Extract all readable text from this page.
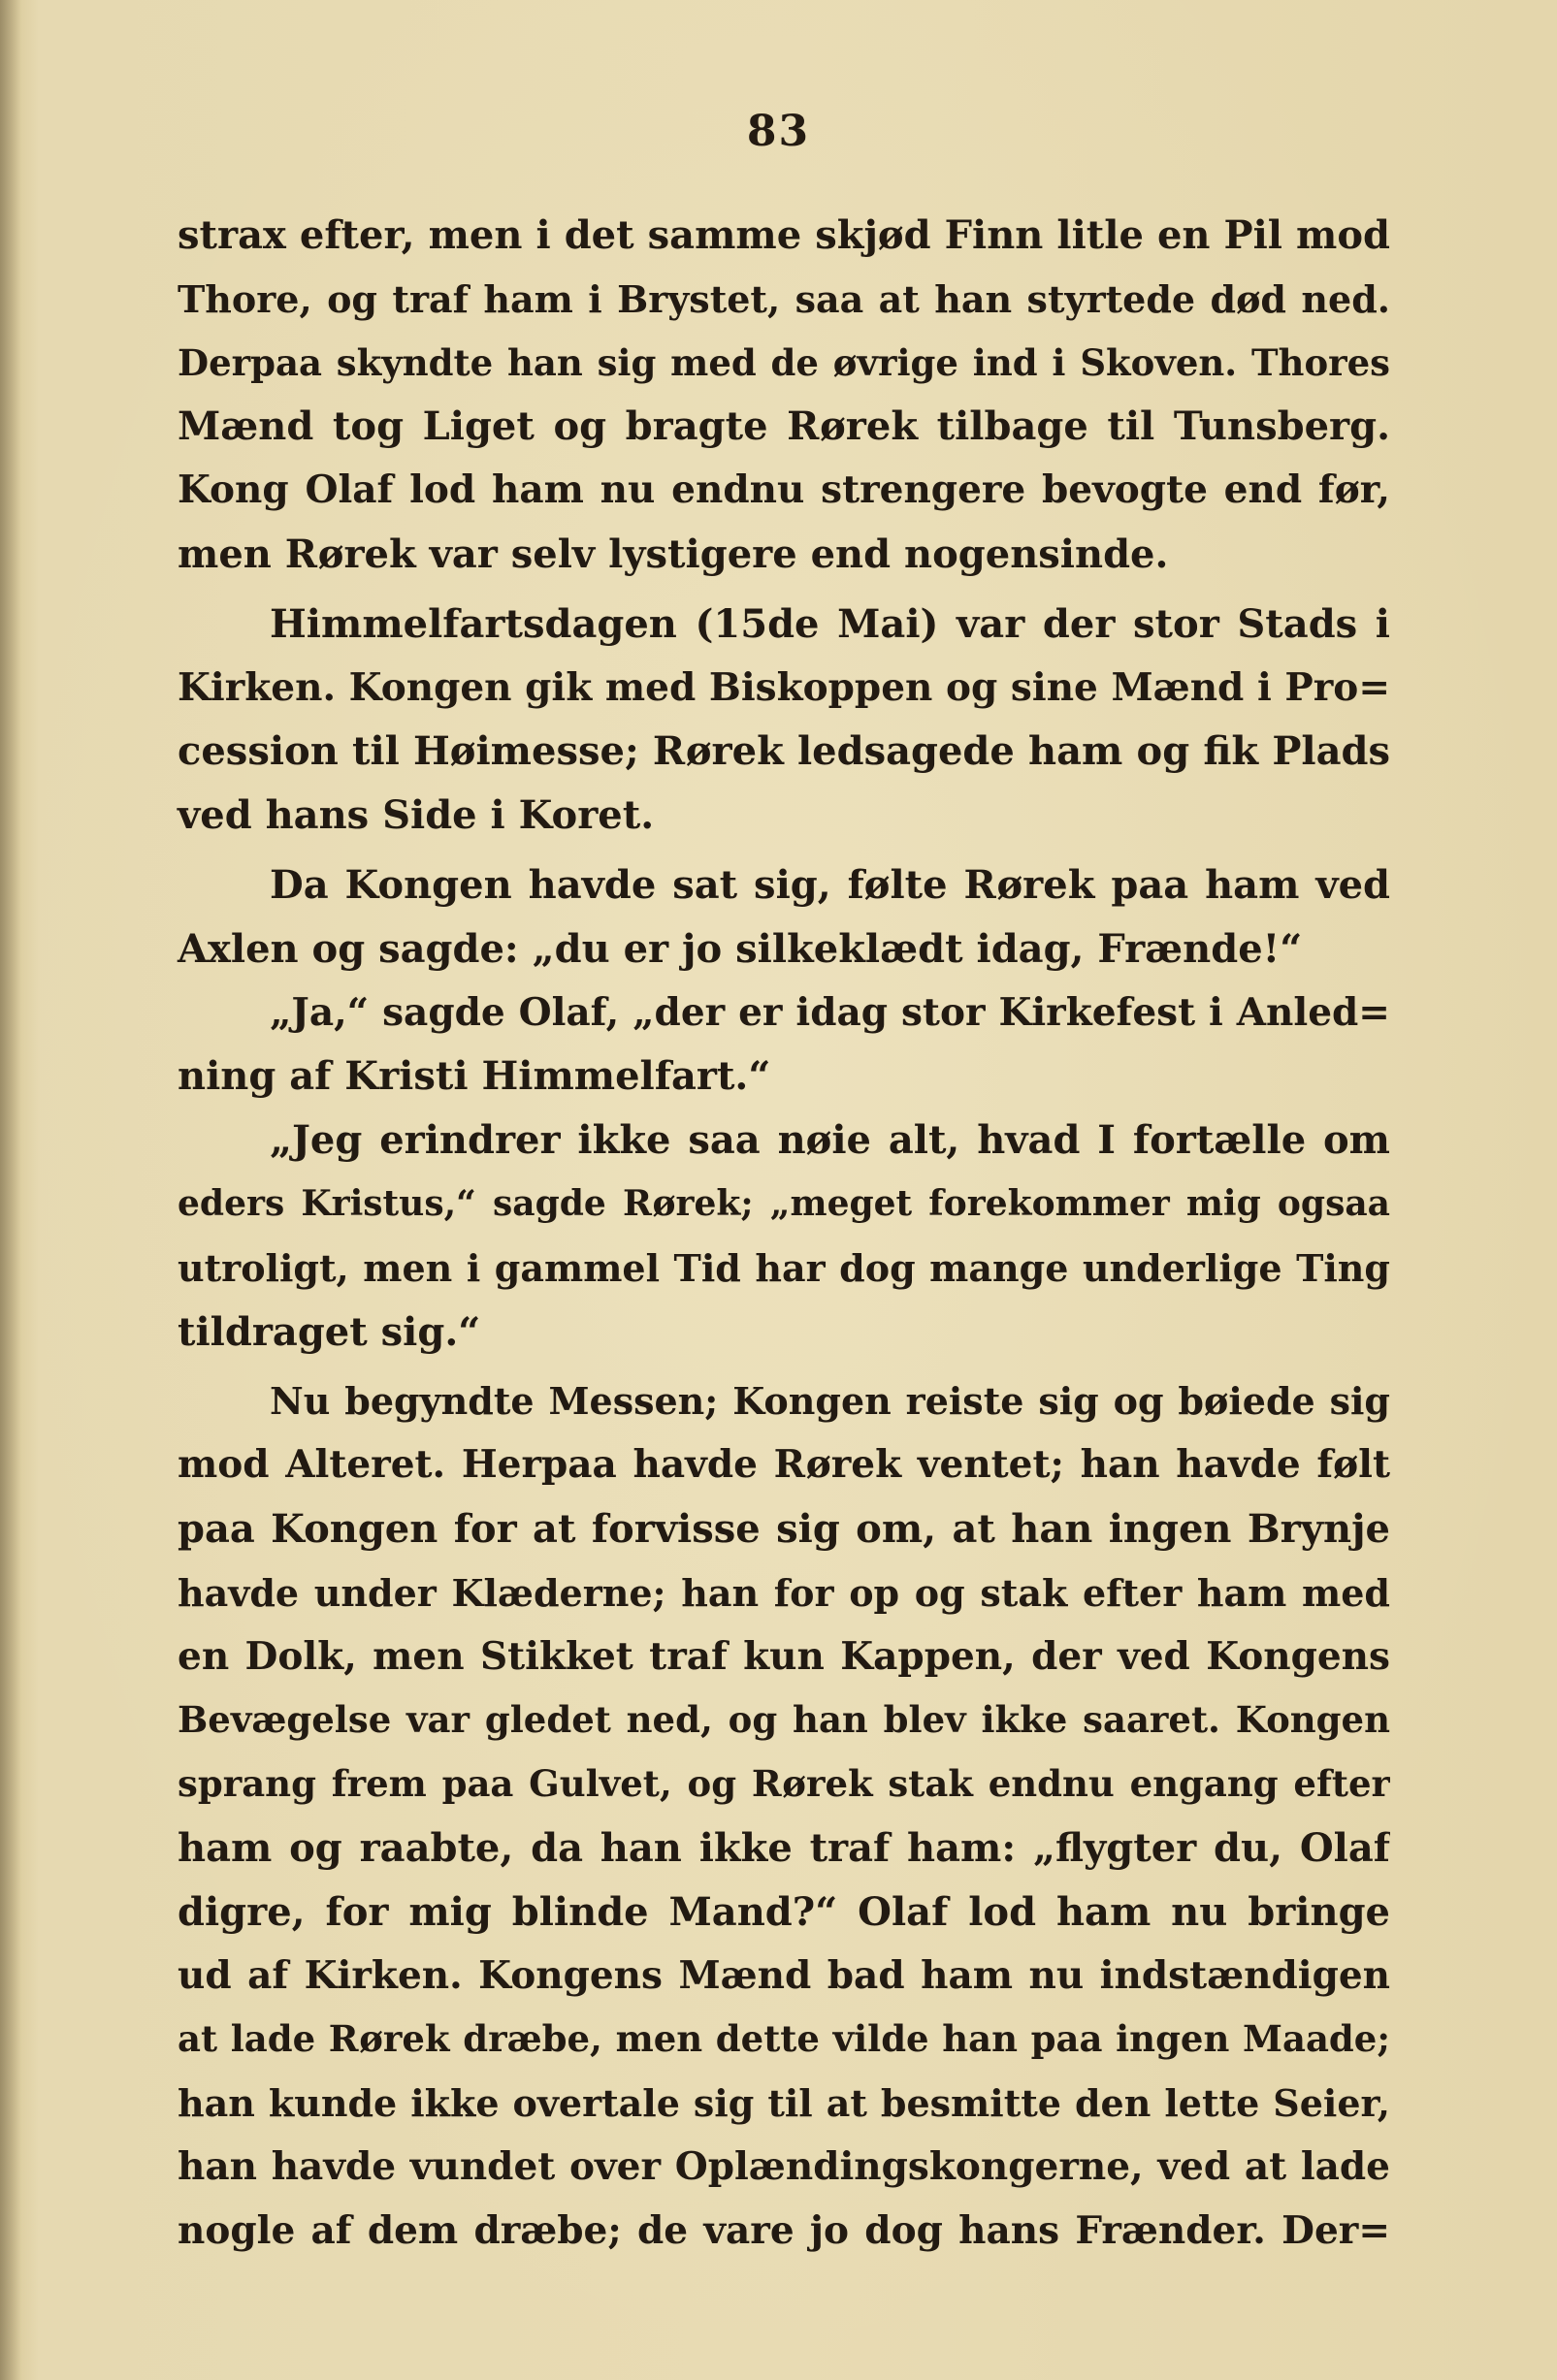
83
strax efter, men i det samme skjød Finn litle en Pil mod
Thore, og traf ham i Brystet, saa at han styrtede død ned.
Derpaa skyndte han sig med de øvrige ind i Skoven. Thores
Mænd tog Liget og bragte Rørek tilbage til Tunsberg.
Kong Olaf lod ham nu endnu strengere bevogte end før,
men Rørek var selv lystigere end nogensinde.
Himmelfartsdagen (15de Mai) var der stor Stads i
Kirken. Kongen gik med Biskoppen og sine Mænd i Pro=
cession til Høimesse; Rørek ledsagede ham og fik Plads
ved hans Side i Koret.
Da Kongen havde sat sig, følte Rørek paa ham ved
Axlen og sagde: „du er jo silkeklædt idag, Frænde!“
„Ja,“ sagde Olaf, „der er idag stor Kirkefest i Anled=
ning af Kristi Himmelfart.“
„Jeg erindrer ikke saa nøie alt, hvad I fortælle om
eders Kristus,“ sagde Rørek; „meget forekommer mig ogsaa
utroligt, men i gammel Tid har dog mange underlige Ting
tildraget sig.“
Nu begyndte Messen; Kongen reiste sig og bøiede sig
mod Alteret. Herpaa havde Rørek ventet; han havde følt
paa Kongen for at forvisse sig om, at han ingen Brynje
havde under Klæderne; han for op og stak efter ham med
en Dolk, men Stikket traf kun Kappen, der ved Kongens
Bevægelse var gledet ned, og han blev ikke saaret. Kongen
sprang frem paa Gulvet, og Rørek stak endnu engang efter
ham og raabte, da han ikke traf ham: „flygter du, Olaf
digre, for mig blinde Mand?“ Olaf lod ham nu bringe
ud af Kirken. Kongens Mænd bad ham nu indstændigen
at lade Rørek dræbe, men dette vilde han paa ingen Maade;
han kunde ikke overtale sig til at besmitte den lette Seier,
han havde vundet over Oplændingskongerne, ved at lade
nogle af dem dræbe; de vare jo dog hans Frænder. Der=
